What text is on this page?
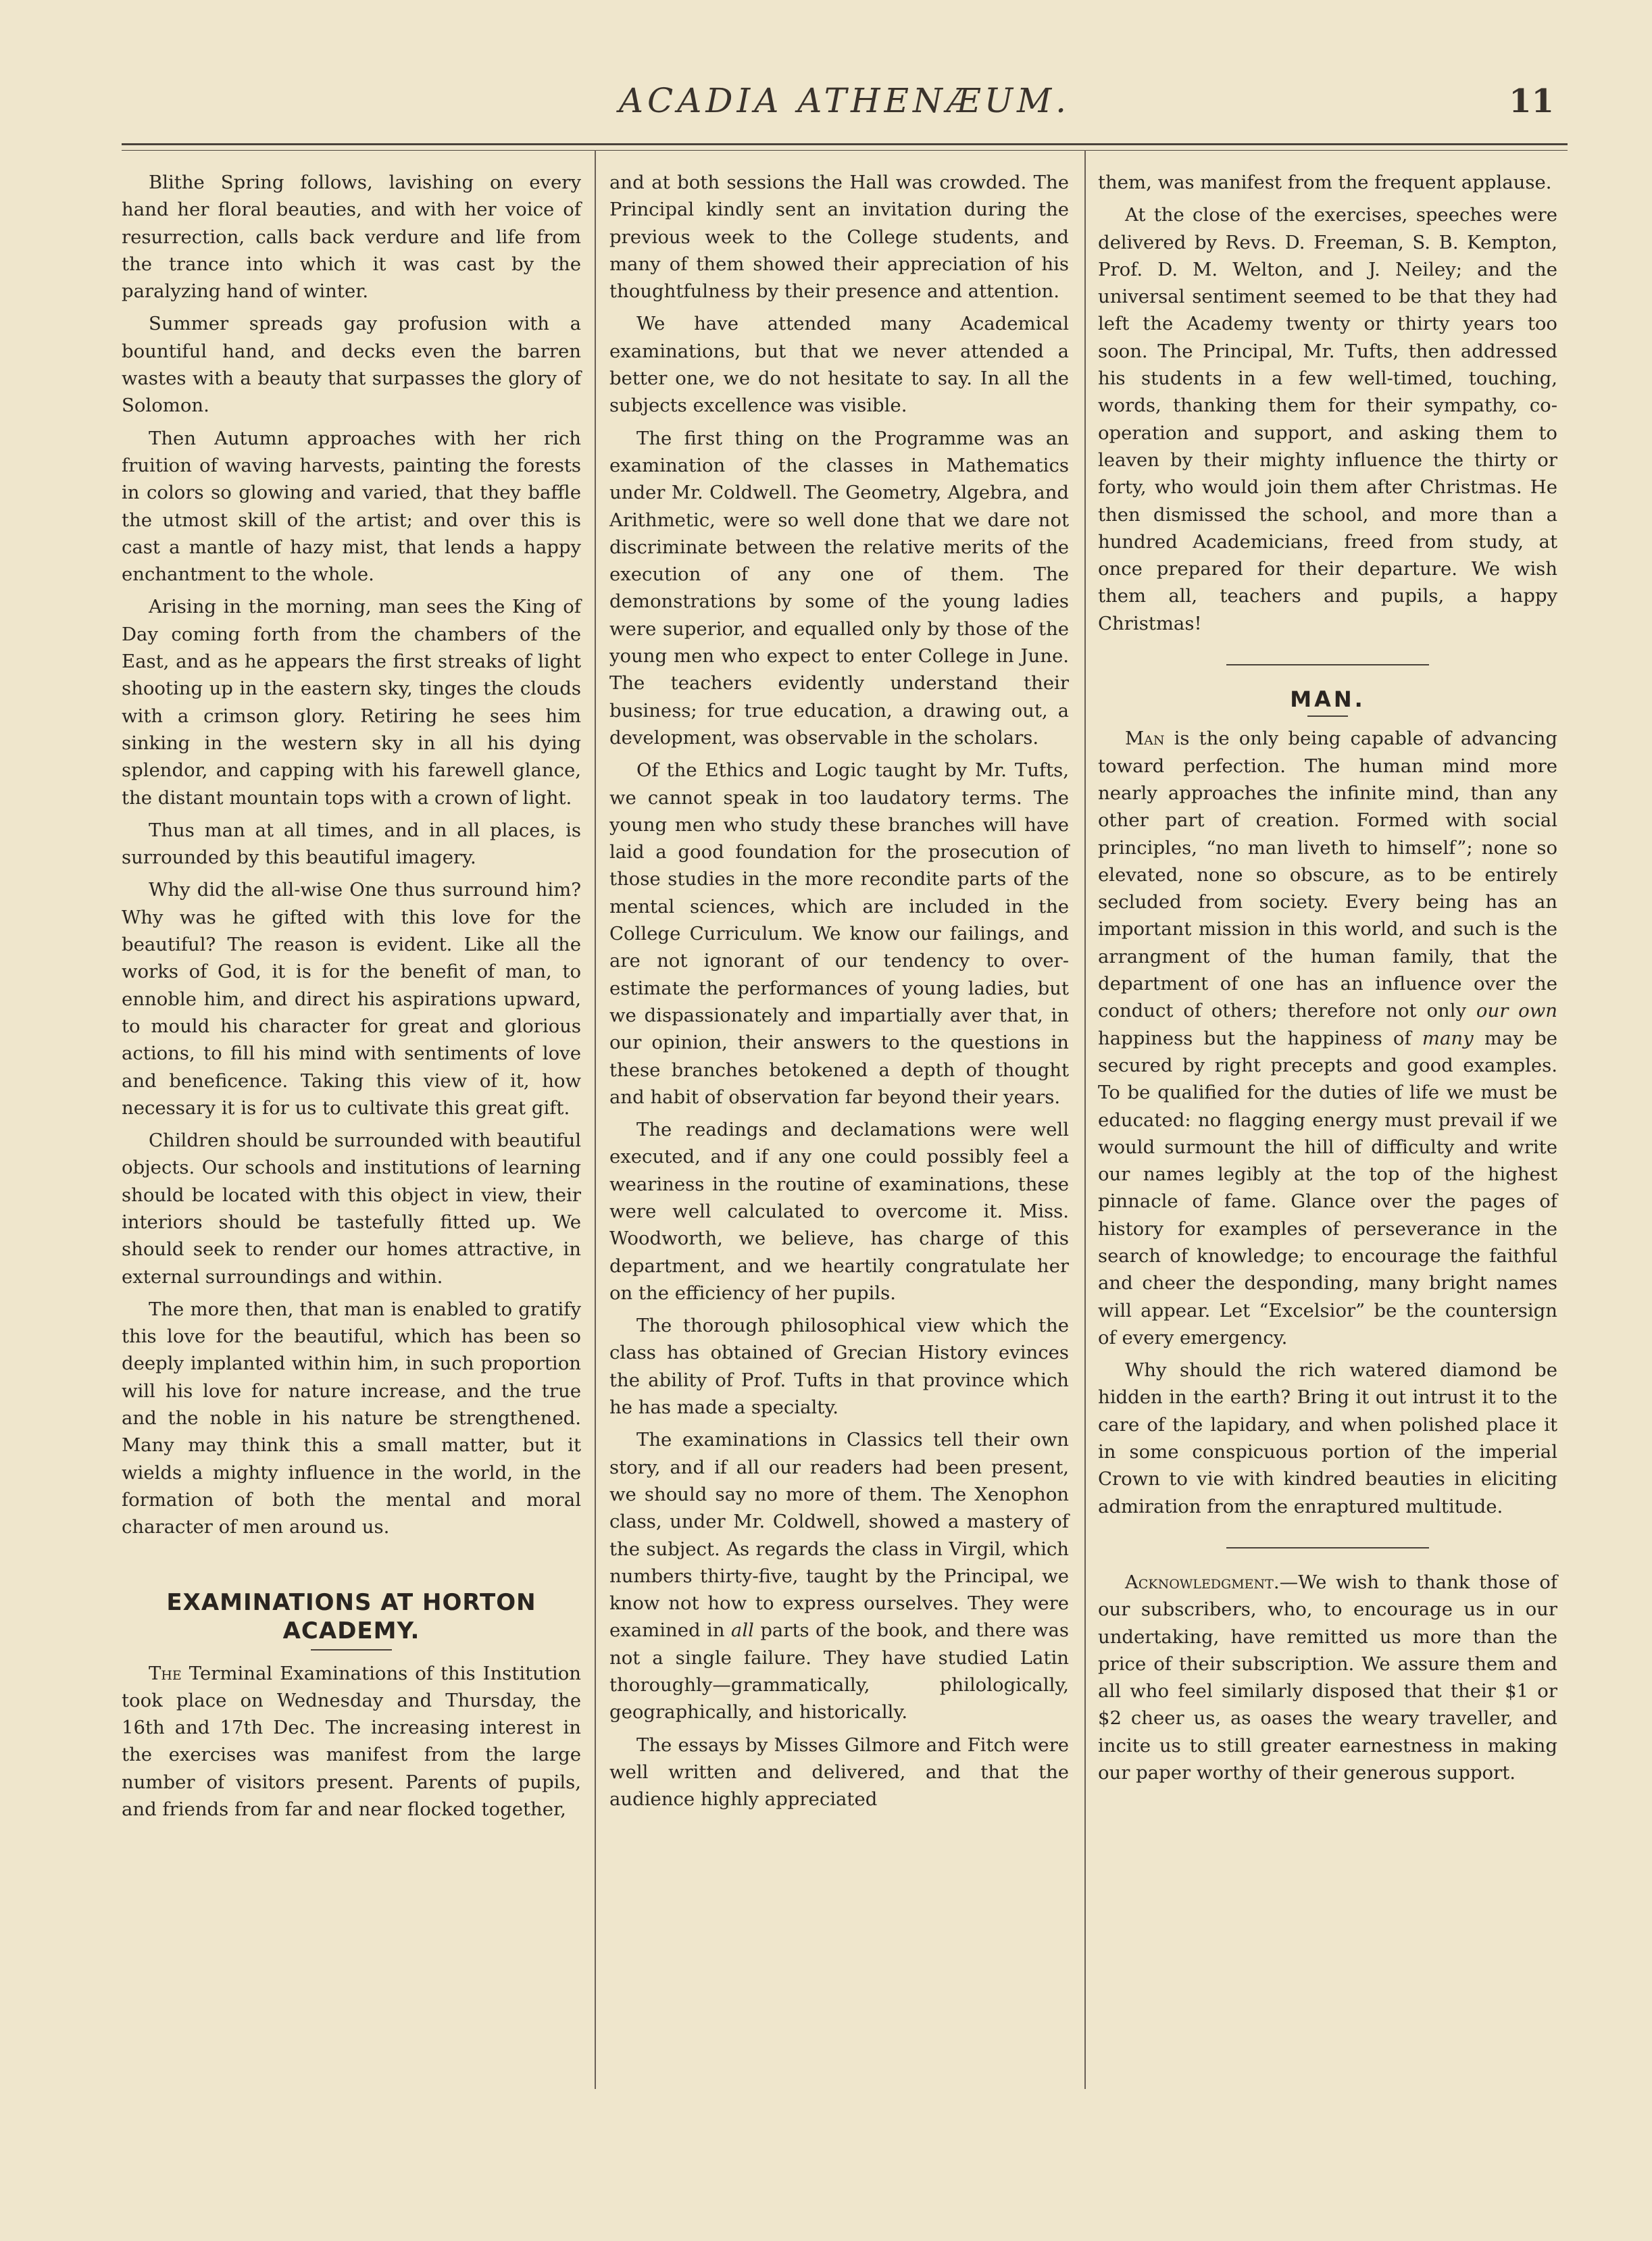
ACADIA ATHENÆUM.	11

Blithe Spring follows, lavishing on every hand her floral beauties, and with her voice of resurrection, calls back verdure and life from the trance into which it was cast by the paralyzing hand of winter.

Summer spreads gay profusion with a bountiful hand, and decks even the barren wastes with a beauty that surpasses the glory of Solomon.

Then Autumn approaches with her rich fruition of waving harvests, painting the forests in colors so glowing and varied, that they baffle the utmost skill of the artist; and over this is cast a mantle of hazy mist, that lends a happy enchantment to the whole.

Arising in the morning, man sees the King of Day coming forth from the chambers of the East, and as he appears the first streaks of light shooting up in the eastern sky, tinges the clouds with a crimson glory. Retiring he sees him sinking in the western sky in all his dying splendor, and capping with his farewell glance, the distant mountain tops with a crown of light.

Thus man at all times, and in all places, is surrounded by this beautiful imagery.

Why did the all-wise One thus surround him? Why was he gifted with this love for the beautiful? The reason is evident. Like all the works of God, it is for the benefit of man, to ennoble him, and direct his aspirations upward, to mould his character for great and glorious actions, to fill his mind with sentiments of love and beneficence. Taking this view of it, how necessary it is for us to cultivate this great gift.

Children should be surrounded with beautiful objects. Our schools and institutions of learning should be located with this object in view, their interiors should be tastefully fitted up. We should seek to render our homes attractive, in external surroundings and within.

The more then, that man is enabled to gratify this love for the beautiful, which has been so deeply implanted within him, in such proportion will his love for nature increase, and the true and the noble in his nature be strengthened. Many may think this a small matter, but it wields a mighty influence in the world, in the formation of both the mental and moral character of men around us.

EXAMINATIONS AT HORTON
ACADEMY.

The Terminal Examinations of this Institution took place on Wednesday and Thursday, the 16th and 17th Dec. The increasing interest in the exercises was manifest from the large number of visitors present. Parents of pupils, and friends from far and near flocked together,

and at both sessions the Hall was crowded. The Principal kindly sent an invitation during the previous week to the College students, and many of them showed their appreciation of his thoughtfulness by their presence and attention.

We have attended many Academical examinations, but that we never attended a better one, we do not hesitate to say. In all the subjects excellence was visible.

The first thing on the Programme was an examination of the classes in Mathematics under Mr. Coldwell. The Geometry, Algebra, and Arithmetic, were so well done that we dare not discriminate between the relative merits of the execution of any one of them. The demonstrations by some of the young ladies were superior, and equalled only by those of the young men who expect to enter College in June. The teachers evidently understand their business; for true education, a drawing out, a development, was observable in the scholars.

Of the Ethics and Logic taught by Mr. Tufts, we cannot speak in too laudatory terms. The young men who study these branches will have laid a good foundation for the prosecution of those studies in the more recondite parts of the mental sciences, which are included in the College Curriculum. We know our failings, and are not ignorant of our tendency to over-estimate the performances of young ladies, but we dispassionately and impartially aver that, in our opinion, their answers to the questions in these branches betokened a depth of thought and habit of observation far beyond their years.

The readings and declamations were well executed, and if any one could possibly feel a weariness in the routine of examinations, these were well calculated to overcome it. Miss. Woodworth, we believe, has charge of this department, and we heartily congratulate her on the efficiency of her pupils.

The thorough philosophical view which the class has obtained of Grecian History evinces the ability of Prof. Tufts in that province which he has made a specialty.

The examinations in Classics tell their own story, and if all our readers had been present, we should say no more of them. The Xenophon class, under Mr. Coldwell, showed a mastery of the subject. As regards the class in Virgil, which numbers thirty-five, taught by the Principal, we know not how to express ourselves. They were examined in all parts of the book, and there was not a single failure. They have studied Latin thoroughly—grammatically, philologically, geographically, and historically.

The essays by Misses Gilmore and Fitch were well written and delivered, and that the audience highly appreciated

them, was manifest from the frequent applause.

At the close of the exercises, speeches were delivered by Revs. D. Freeman, S. B. Kempton, Prof. D. M. Welton, and J. Neiley; and the universal sentiment seemed to be that they had left the Academy twenty or thirty years too soon. The Principal, Mr. Tufts, then addressed his students in a few well-timed, touching, words, thanking them for their sympathy, co-operation and support, and asking them to leaven by their mighty influence the thirty or forty, who would join them after Christmas. He then dismissed the school, and more than a hundred Academicians, freed from study, at once prepared for their departure. We wish them all, teachers and pupils, a happy Christmas!

MAN.

Man is the only being capable of advancing toward perfection. The human mind more nearly approaches the infinite mind, than any other part of creation. Formed with social principles, “no man liveth to himself”; none so elevated, none so obscure, as to be entirely secluded from society. Every being has an important mission in this world, and such is the arrangment of the human family, that the department of one has an influence over the conduct of others; therefore not only our own happiness but the happiness of many may be secured by right precepts and good examples. To be qualified for the duties of life we must be educated: no flagging energy must prevail if we would surmount the hill of difficulty and write our names legibly at the top of the highest pinnacle of fame. Glance over the pages of history for examples of perseverance in the search of knowledge; to encourage the faithful and cheer the desponding, many bright names will appear. Let “Excelsior” be the countersign of every emergency.

Why should the rich watered diamond be hidden in the earth? Bring it out intrust it to the care of the lapidary, and when polished place it in some conspicuous portion of the imperial Crown to vie with kindred beauties in eliciting admiration from the enraptured multitude.

Acknowledgment.—We wish to thank those of our subscribers, who, to encourage us in our undertaking, have remitted us more than the price of their subscription. We assure them and all who feel similarly disposed that their $1 or $2 cheer us, as oases the weary traveller, and incite us to still greater earnestness in making our paper worthy of their generous support.
